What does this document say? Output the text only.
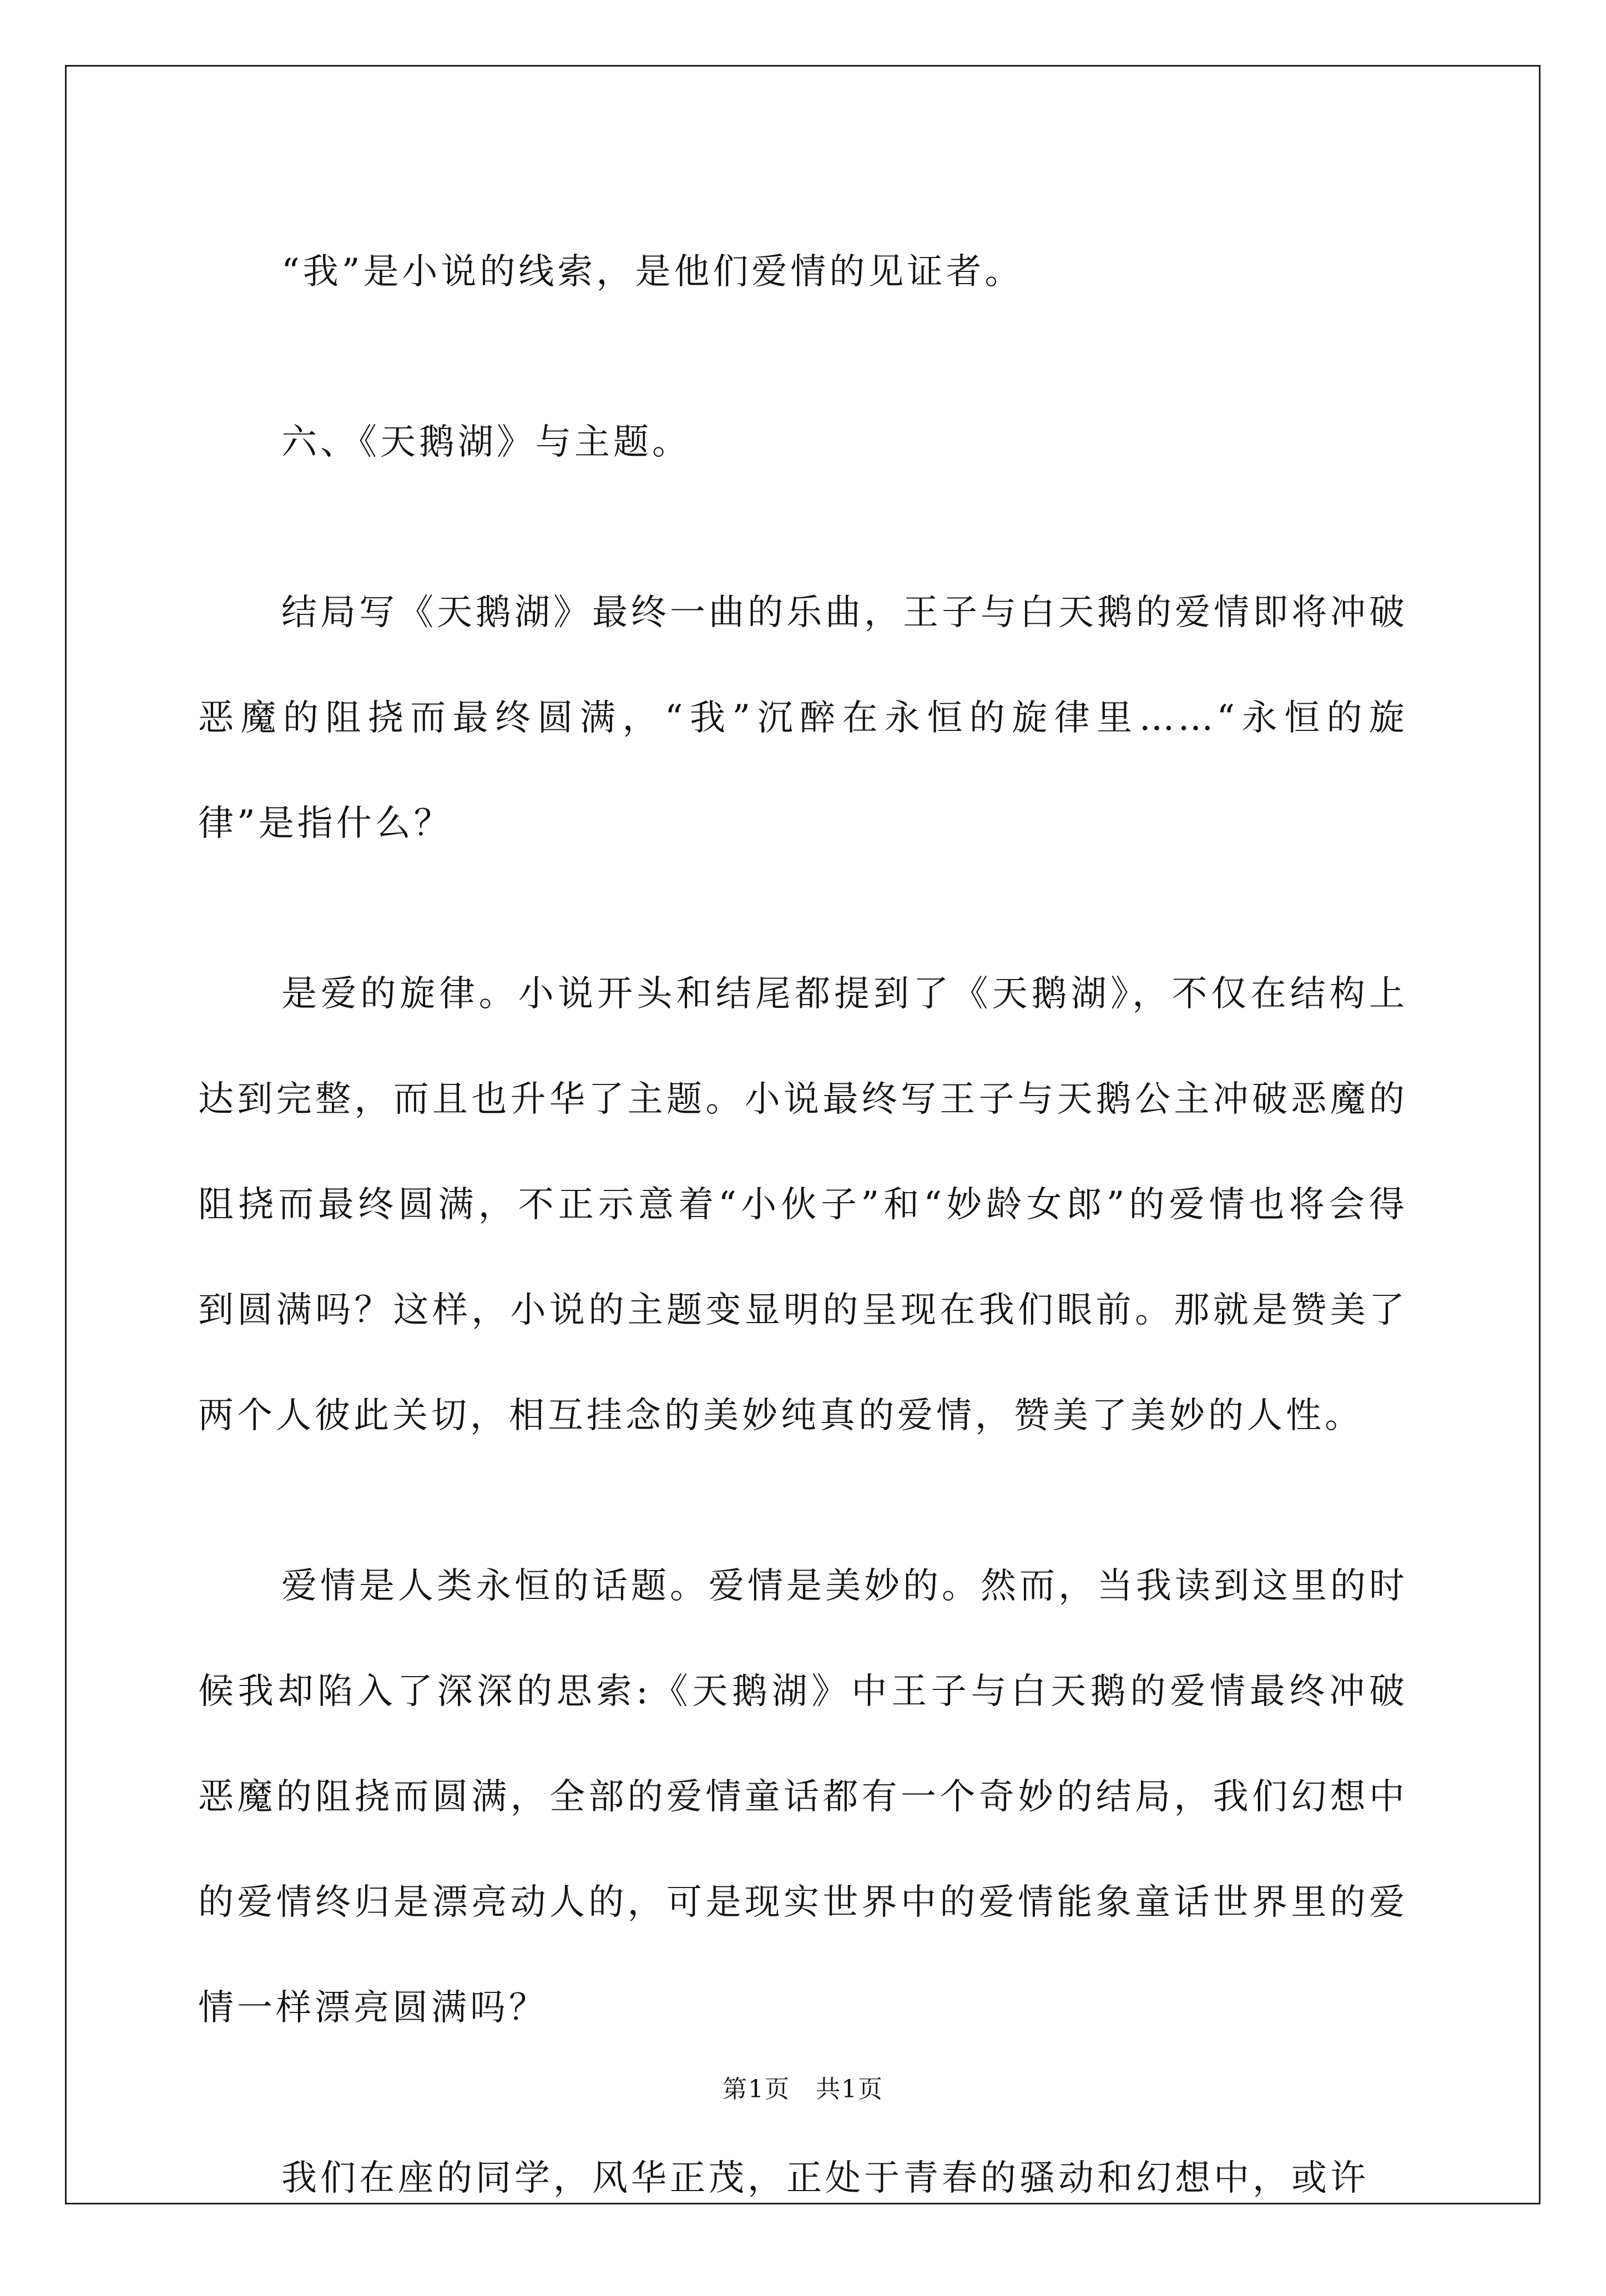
“我”是小说的线索，是他们爱情的见证者。

六、《天鹅湖》与主题。

结局写《天鹅湖》最终一曲的乐曲，王子与白天鹅的爱情即将冲破恶魔的阻挠而最终圆满，“我”沉醉在永恒的旋律里……“永恒的旋律”是指什么？

是爱的旋律。小说开头和结尾都提到了《天鹅湖》，不仅在结构上达到完整，而且也升华了主题。小说最终写王子与天鹅公主冲破恶魔的阻挠而最终圆满，不正示意着“小伙子”和“妙龄女郎”的爱情也将会得到圆满吗？这样，小说的主题变显明的呈现在我们眼前。那就是赞美了两个人彼此关切，相互挂念的美妙纯真的爱情，赞美了美妙的人性。

爱情是人类永恒的话题。爱情是美妙的。然而，当我读到这里的时候我却陷入了深深的思索:《天鹅湖》中王子与白天鹅的爱情最终冲破恶魔的阻挠而圆满，全部的爱情童话都有一个奇妙的结局，我们幻想中的爱情终归是漂亮动人的，可是现实世界中的爱情能象童话世界里的爱情一样漂亮圆满吗？

我们在座的同学，风华正茂，正处于青春的骚动和幻想中，或许

第1页　共1页
